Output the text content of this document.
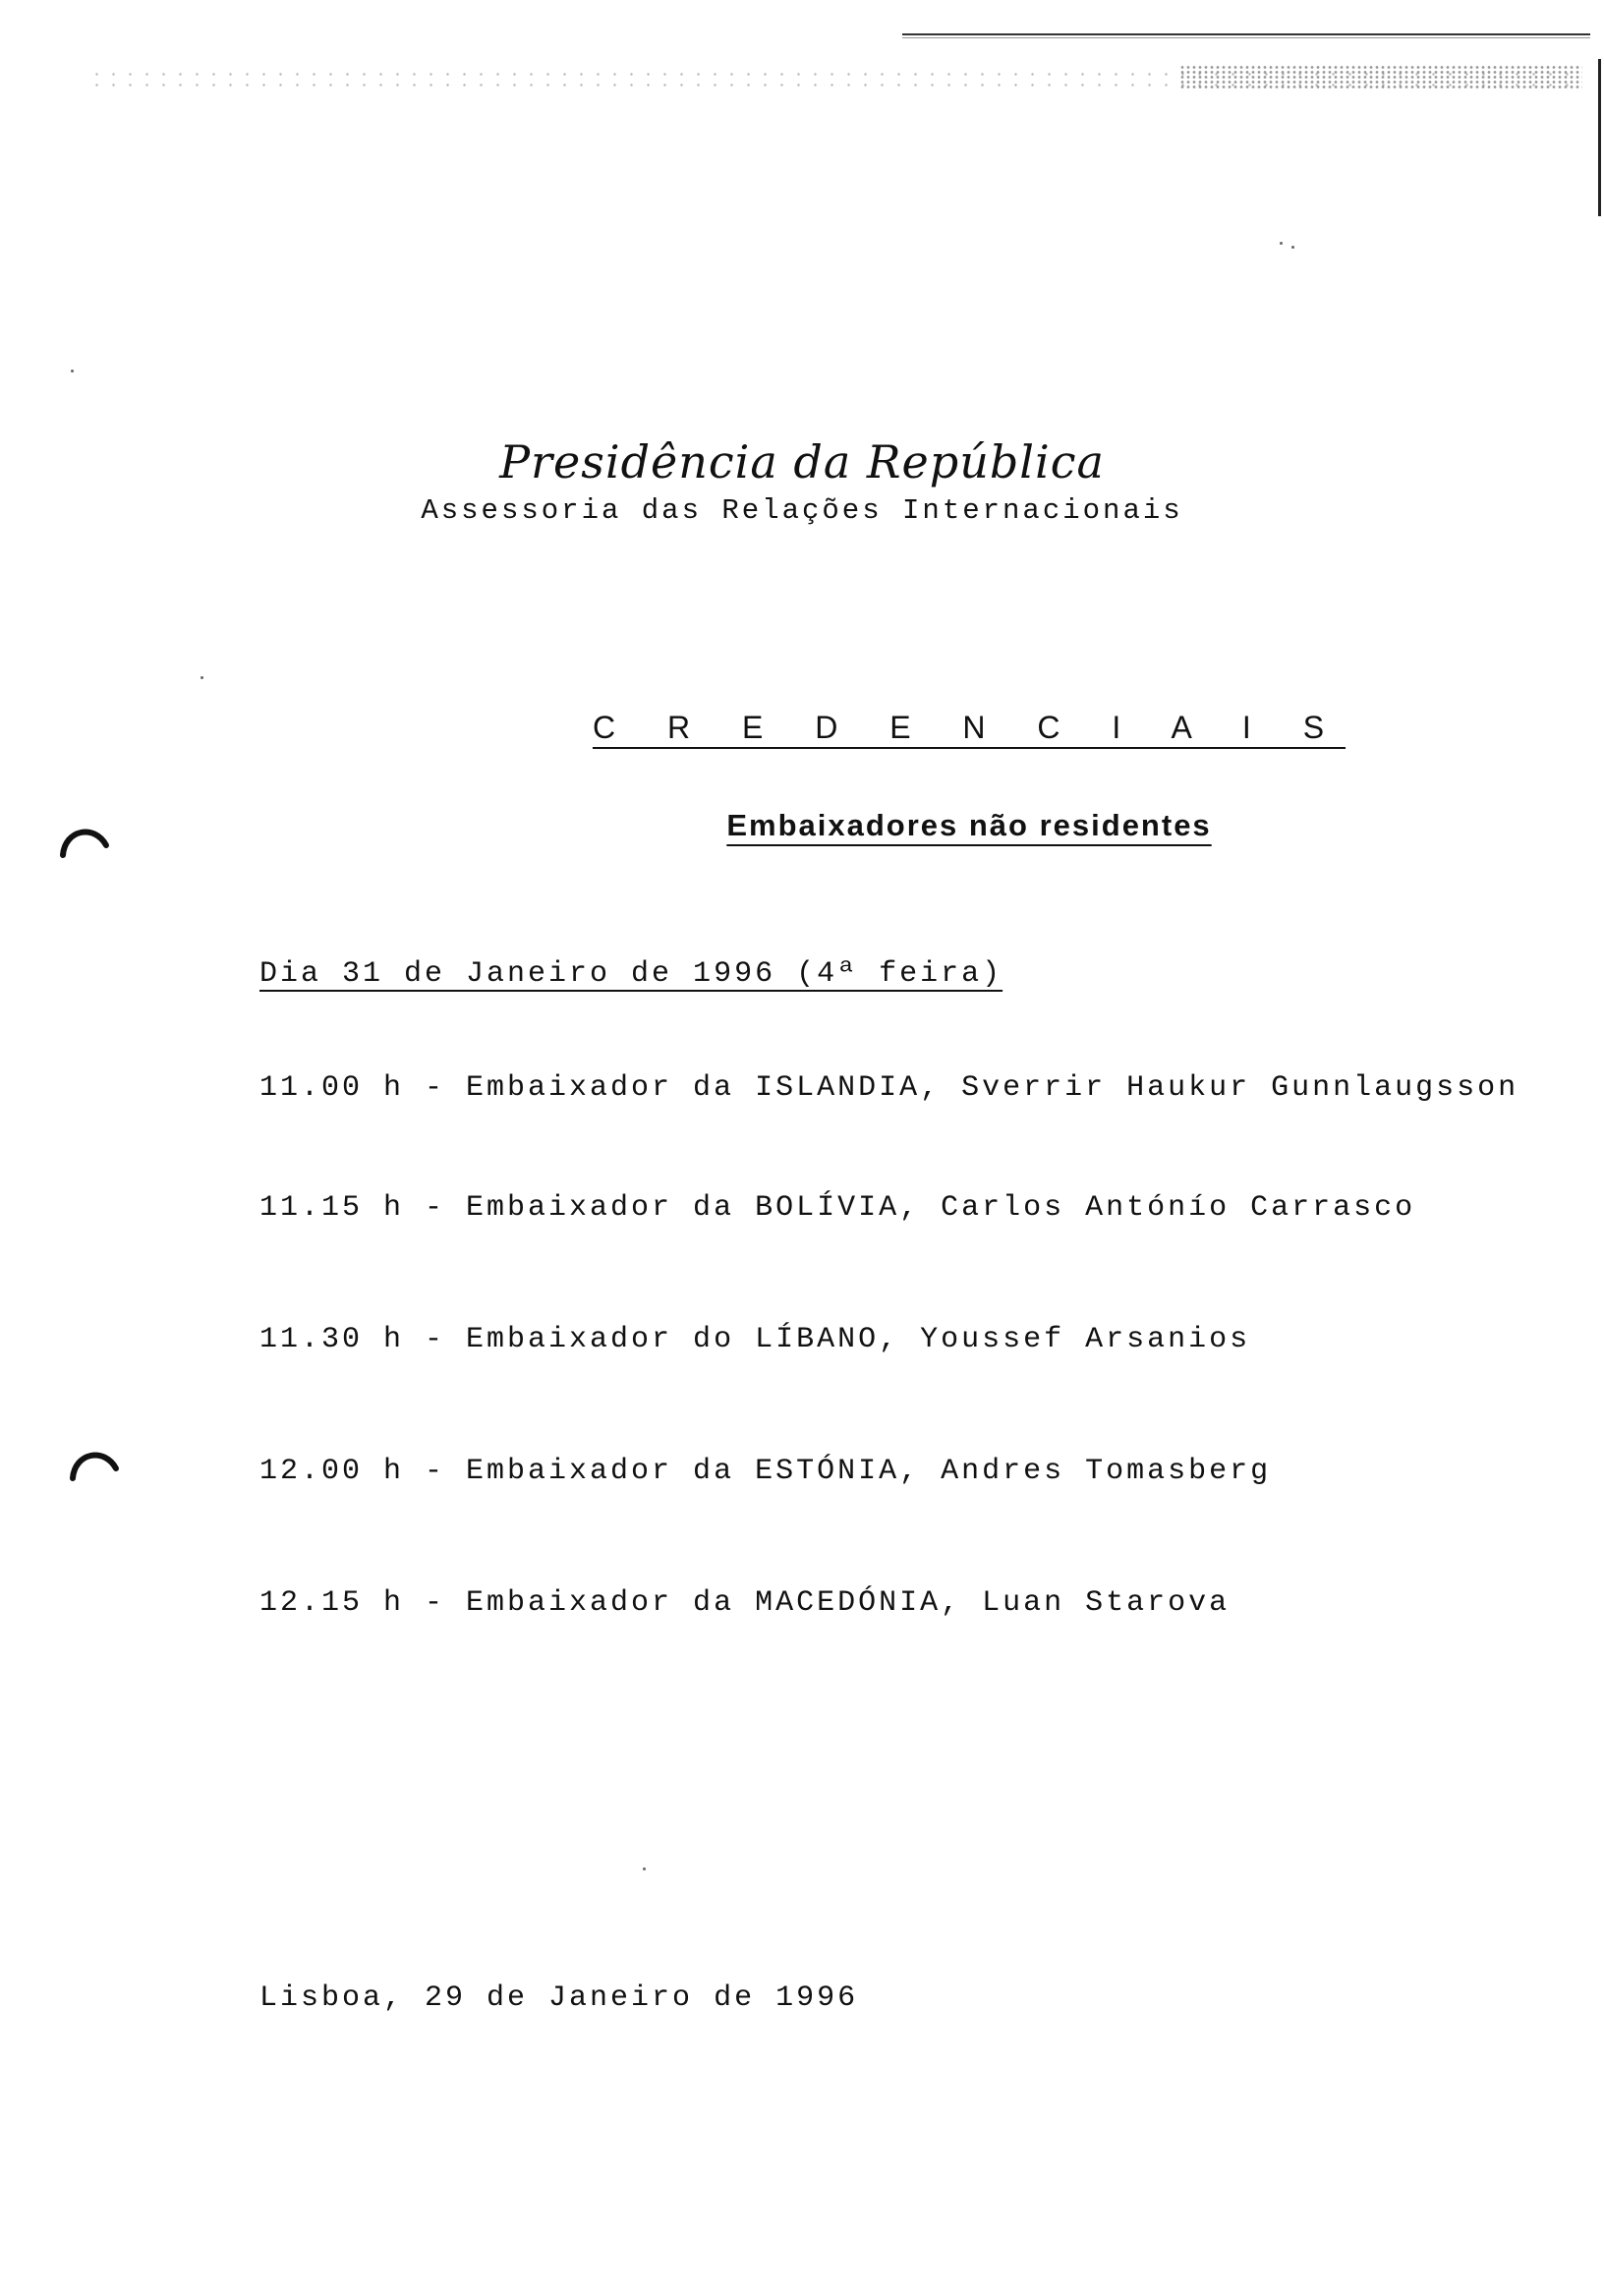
Presidência da República
Assessoria das Relações Internacionais
C R E D E N C I A I S
Embaixadores não residentes
Dia 31 de Janeiro de 1996 (4ª feira)
11.00 h - Embaixador da ISLANDIA, Sverrir Haukur Gunnlaugsson
11.15 h - Embaixador da BOLÍVIA, Carlos Antónío Carrasco
11.30 h - Embaixador do LÍBANO, Youssef Arsanios
12.00 h - Embaixador da ESTÓNIA, Andres Tomasberg
12.15 h - Embaixador da MACEDÓNIA, Luan Starova
Lisboa, 29 de Janeiro de 1996
